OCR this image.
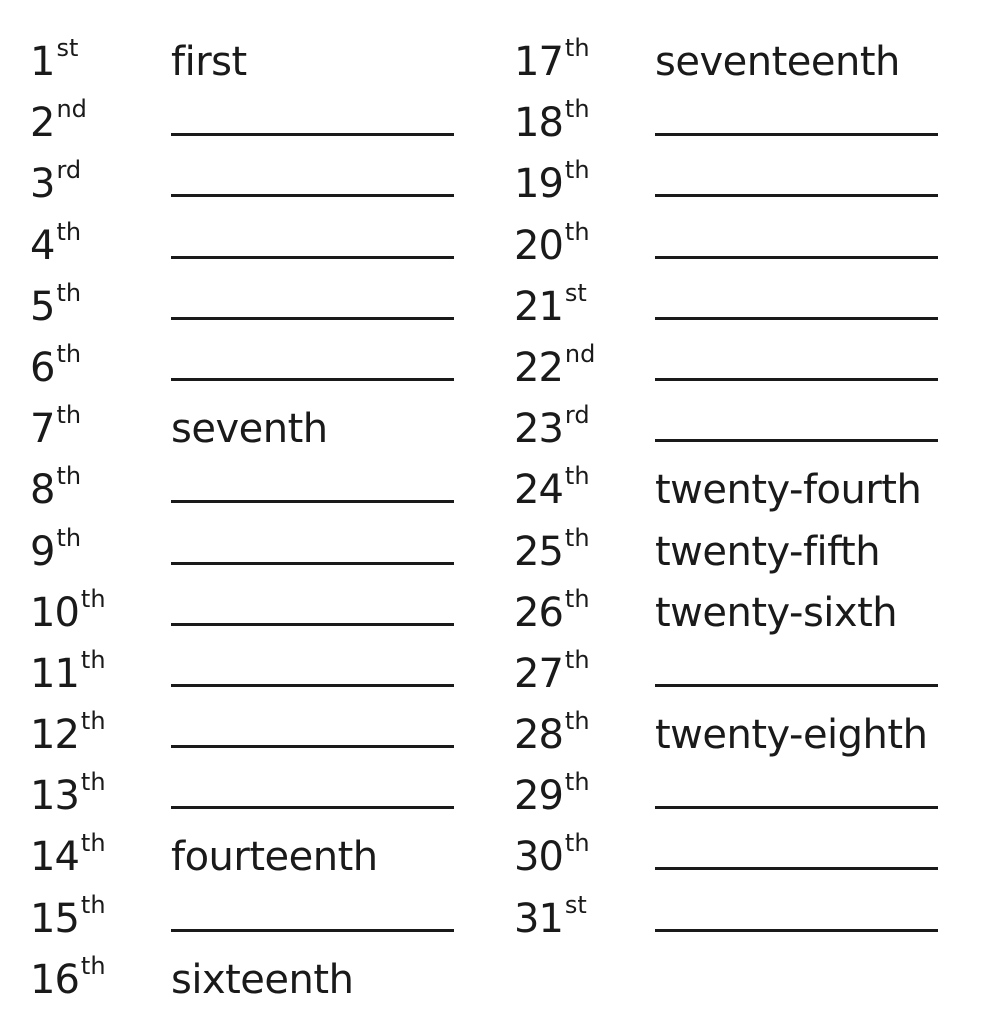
1st first
2nd
3rd
4th
5th
6th
7th seventh
8th
9th
10th
11th
12th
13th
14th fourteenth
15th
16th sixteenth
17th seventeenth
18th
19th
20th
21st
22nd
23rd
24th twenty-fourth
25th twenty-fifth
26th twenty-sixth
27th
28th twenty-eighth
29th
30th
31st
